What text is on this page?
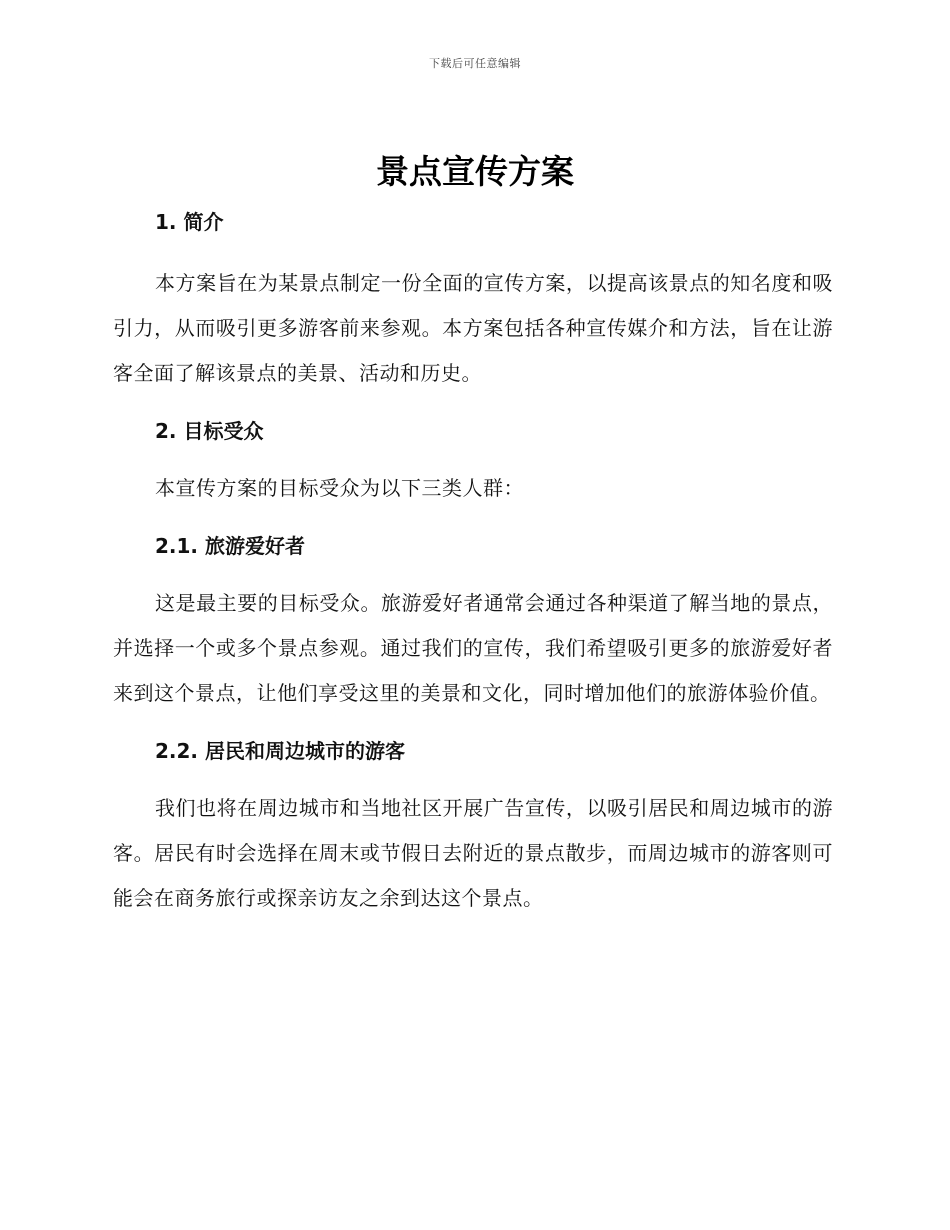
下载后可任意编辑
景点宣传方案
1. 简介

本方案旨在为某景点制定一份全面的宣传方案，以提高该景点的知名度和吸引力，从而吸引更多游客前来参观。本方案包括各种宣传媒介和方法，旨在让游客全面了解该景点的美景、活动和历史。

2. 目标受众

本宣传方案的目标受众为以下三类人群：

2.1. 旅游爱好者

这是最主要的目标受众。旅游爱好者通常会通过各种渠道了解当地的景点，并选择一个或多个景点参观。通过我们的宣传，我们希望吸引更多的旅游爱好者来到这个景点，让他们享受这里的美景和文化，同时增加他们的旅游体验价值。

2.2. 居民和周边城市的游客

我们也将在周边城市和当地社区开展广告宣传，以吸引居民和周边城市的游客。居民有时会选择在周末或节假日去附近的景点散步，而周边城市的游客则可能会在商务旅行或探亲访友之余到达这个景点。
